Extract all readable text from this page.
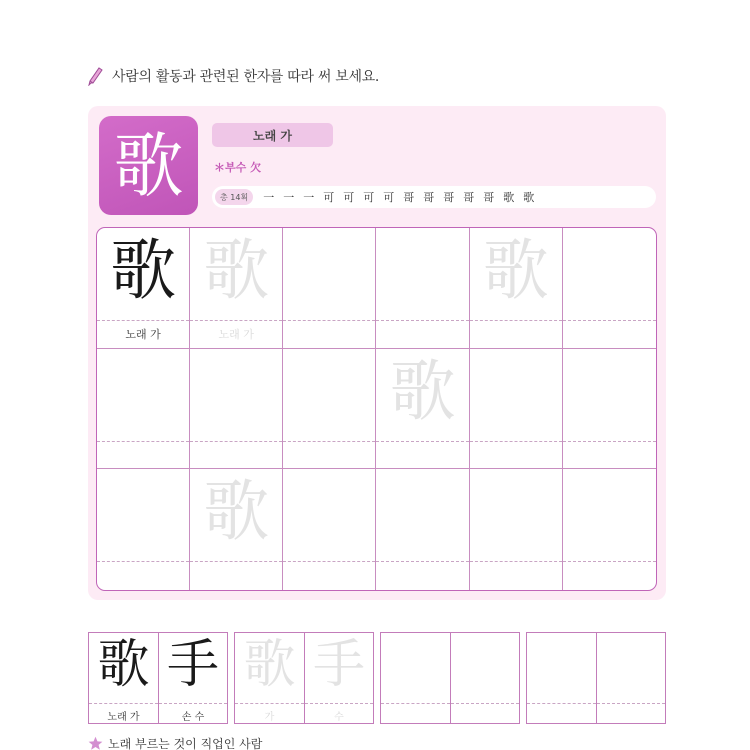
사람의 활동과 관련된 한자를 따라 써 보세요.
歌	노래 가
＊부수 欠
총 14획	一 一 一 可 可 可 可 哥 哥 哥 哥 哥 歌 歌
歌
노래 가
歌
노래 가
歌
歌
歌
歌
노래 가
手
손 수
歌
가
手
수
노래 부르는 것이 직업인 사람
